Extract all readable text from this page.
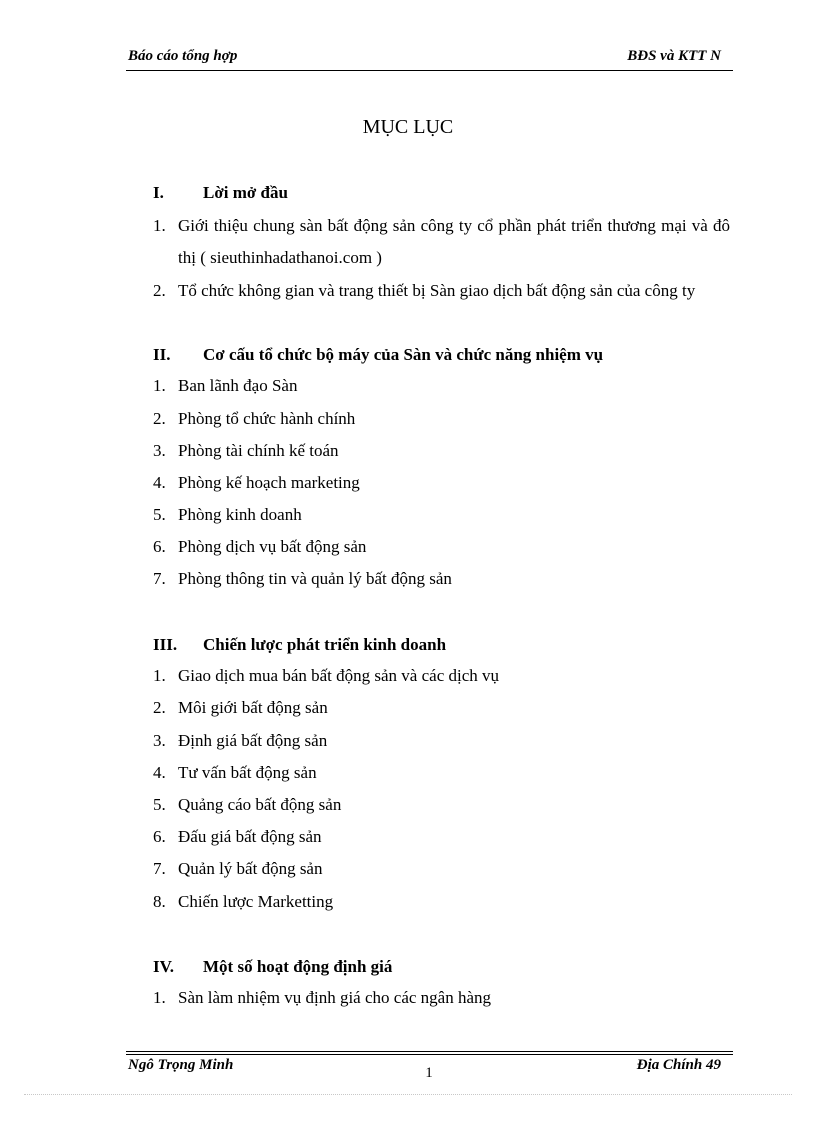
Báo cáo tổng hợp	BĐS và KTT N
MỤC LỤC
I. Lời mở đầu
1. Giới thiệu chung sàn bất động sản công ty cổ phần phát triển thương mại và đô thị ( sieuthinhadathanoi.com )
2. Tổ chức không gian và trang thiết bị Sàn giao dịch bất động sản của công ty
II. Cơ cấu tổ chức bộ máy của Sàn và chức năng nhiệm vụ
1. Ban lãnh đạo Sàn
2. Phòng tổ chức hành chính
3. Phòng tài chính kế toán
4. Phòng kế hoạch marketing
5. Phòng kinh doanh
6. Phòng dịch vụ bất động sản
7. Phòng thông tin và quản lý bất động sản
III. Chiến lược phát triển kinh doanh
1. Giao dịch mua bán bất động sản và các dịch vụ
2. Môi giới bất động sản
3. Định giá bất động sản
4. Tư vấn bất động sản
5. Quảng cáo bất động sản
6. Đấu giá bất động sản
7. Quản lý bất động sản
8. Chiến lược Marketting
IV. Một số hoạt động định giá
1. Sàn làm nhiệm vụ định giá cho các ngân hàng
Ngô Trọng Minh	1	Địa Chính 49
